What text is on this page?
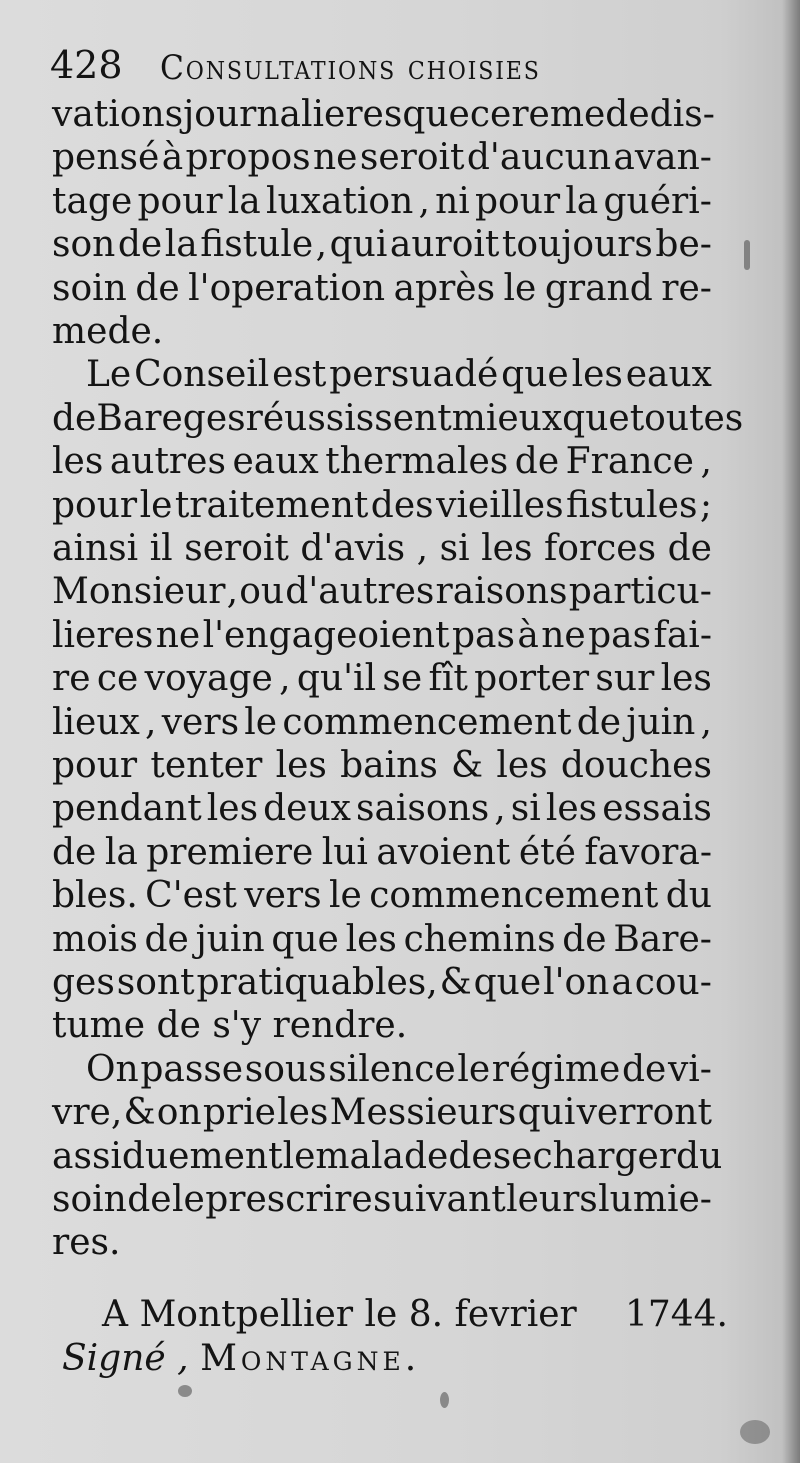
428 Consultations choisies
vations journalieres que ce remede dis-
pensé à propos ne seroit d'aucun avan-
tage pour la luxation , ni pour la guéri-
son de la fistule , qui auroit toujours be-
soin de l'operation après le grand re-
mede.
Le Conseil est persuadé que les eaux
de Bareges réussissent mieux que toutes
les autres eaux thermales de France ,
pour le traitement des vieilles fistules ;
ainsi il seroit d'avis , si les forces de
Monsieur , ou d'autres raisons particu-
lieres ne l'engageoient pas à ne pas fai-
re ce voyage , qu'il se fît porter sur les
lieux , vers le commencement de juin ,
pour tenter les bains & les douches
pendant les deux saisons , si les essais
de la premiere lui avoient été favora-
bles. C'est vers le commencement du
mois de juin que les chemins de Bare-
ges sont pratiquables, & que l'on a cou-
tume de s'y rendre.
On passe sous silence le régime de vi-
vre, & on prie les Messieurs qui verront
assiduement le malade de se charger du
soin de le prescrire suivant leurs lumie-
res.
A Montpellier le 8. fevrier 1744.
Signé , Montagne.
